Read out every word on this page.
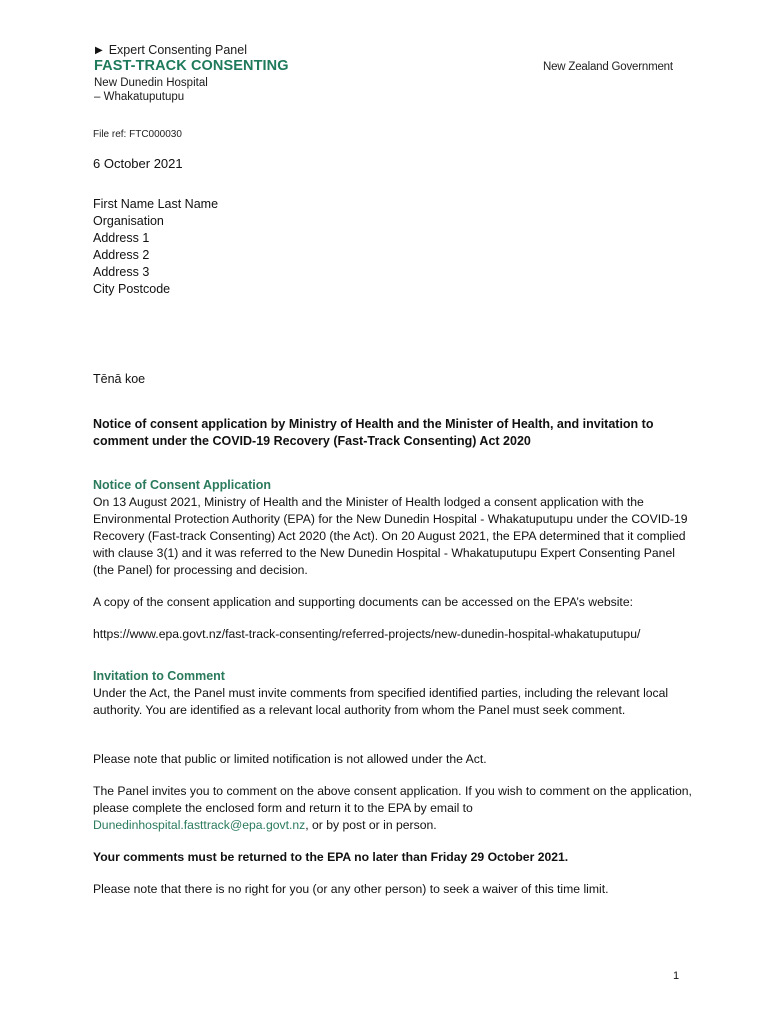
▶ Expert Consenting Panel
FAST-TRACK CONSENTING
New Dunedin Hospital
– Whakatuputupu
New Zealand Government
File ref: FTC000030
6 October 2021
First Name Last Name
Organisation
Address 1
Address 2
Address 3
City Postcode
Tēnā koe
Notice of consent application by Ministry of Health and the Minister of Health, and invitation to comment under the COVID-19 Recovery (Fast-Track Consenting) Act 2020
Notice of Consent Application
On 13 August 2021, Ministry of Health and the Minister of Health lodged a consent application with the Environmental Protection Authority (EPA) for the New Dunedin Hospital - Whakatuputupu under the COVID-19 Recovery (Fast-track Consenting) Act 2020 (the Act). On 20 August 2021, the EPA determined that it complied with clause 3(1) and it was referred to the New Dunedin Hospital - Whakatuputupu Expert Consenting Panel (the Panel) for processing and decision.
A copy of the consent application and supporting documents can be accessed on the EPA’s website:
https://www.epa.govt.nz/fast-track-consenting/referred-projects/new-dunedin-hospital-whakatuputupu/
Invitation to Comment
Under the Act, the Panel must invite comments from specified identified parties, including the relevant local authority. You are identified as a relevant local authority from whom the Panel must seek comment.
Please note that public or limited notification is not allowed under the Act.
The Panel invites you to comment on the above consent application. If you wish to comment on the application, please complete the enclosed form and return it to the EPA by email to
Dunedinhospital.fasttrack@epa.govt.nz, or by post or in person.
Your comments must be returned to the EPA no later than Friday 29 October 2021.
Please note that there is no right for you (or any other person) to seek a waiver of this time limit.
1
